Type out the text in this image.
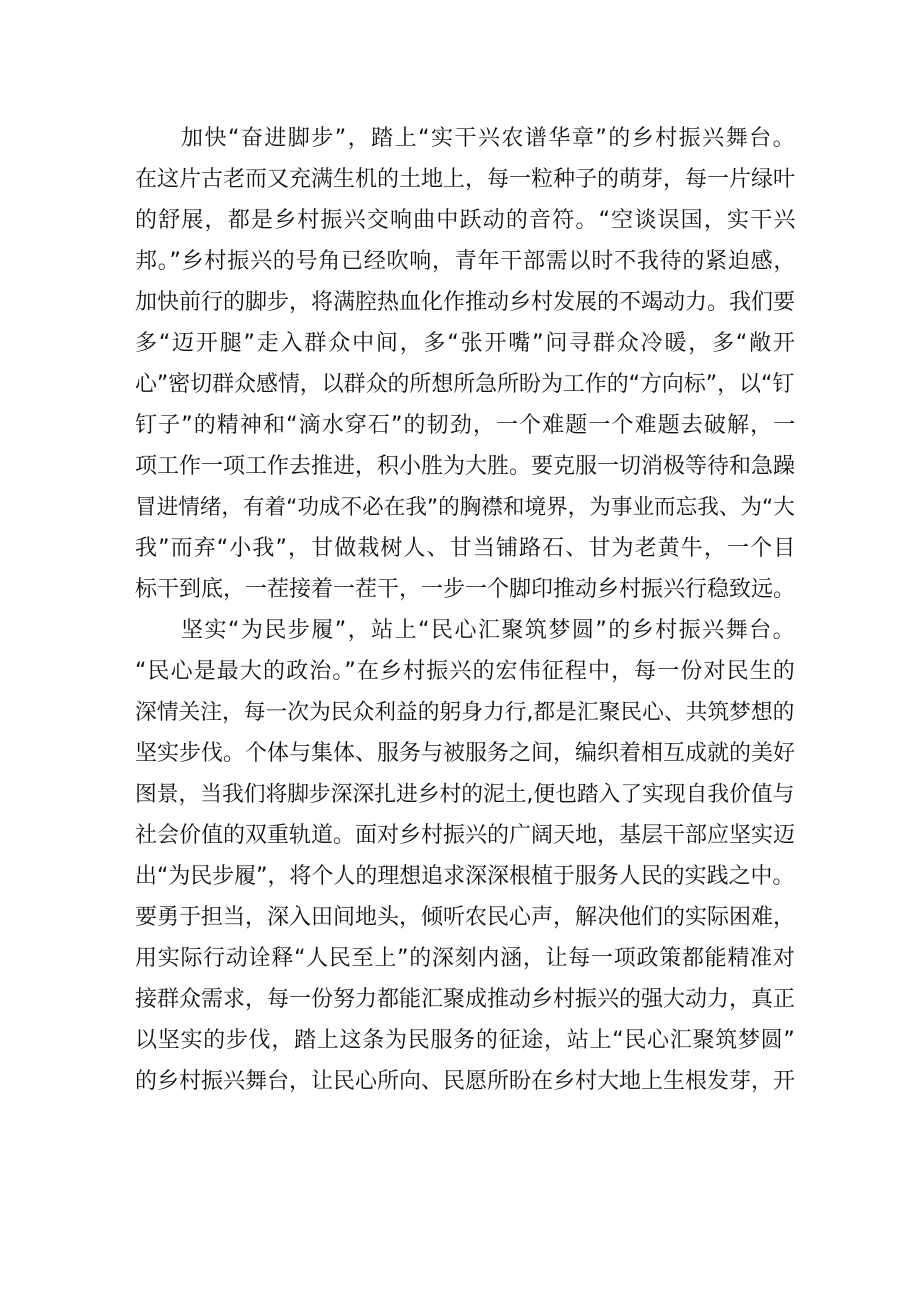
加快“奋进脚步”，踏上“实干兴农谱华章”的乡村振兴舞台。
在这片古老而又充满生机的土地上，每一粒种子的萌芽，每一片绿叶
的舒展，都是乡村振兴交响曲中跃动的音符。“空谈误国，实干兴
邦。”乡村振兴的号角已经吹响，青年干部需以时不我待的紧迫感，
加快前行的脚步，将满腔热血化作推动乡村发展的不竭动力。我们要
多“迈开腿”走入群众中间，多“张开嘴”问寻群众冷暖，多“敞开
心”密切群众感情，以群众的所想所急所盼为工作的“方向标”，以“钉
钉子”的精神和“滴水穿石”的韧劲，一个难题一个难题去破解，一
项工作一项工作去推进，积小胜为大胜。要克服一切消极等待和急躁
冒进情绪，有着“功成不必在我”的胸襟和境界，为事业而忘我、为“大
我”而弃“小我”，甘做栽树人、甘当铺路石、甘为老黄牛，一个目
标干到底，一茬接着一茬干，一步一个脚印推动乡村振兴行稳致远。
坚实“为民步履”，站上“民心汇聚筑梦圆”的乡村振兴舞台。
“民心是最大的政治。”在乡村振兴的宏伟征程中，每一份对民生的
深情关注，每一次为民众利益的躬身力行,都是汇聚民心、共筑梦想的
坚实步伐。个体与集体、服务与被服务之间，编织着相互成就的美好
图景，当我们将脚步深深扎进乡村的泥土,便也踏入了实现自我价值与
社会价值的双重轨道。面对乡村振兴的广阔天地，基层干部应坚实迈
出“为民步履”，将个人的理想追求深深根植于服务人民的实践之中。
要勇于担当，深入田间地头，倾听农民心声，解决他们的实际困难，
用实际行动诠释“人民至上”的深刻内涵，让每一项政策都能精准对
接群众需求，每一份努力都能汇聚成推动乡村振兴的强大动力，真正
以坚实的步伐，踏上这条为民服务的征途，站上“民心汇聚筑梦圆”
的乡村振兴舞台，让民心所向、民愿所盼在乡村大地上生根发芽，开
